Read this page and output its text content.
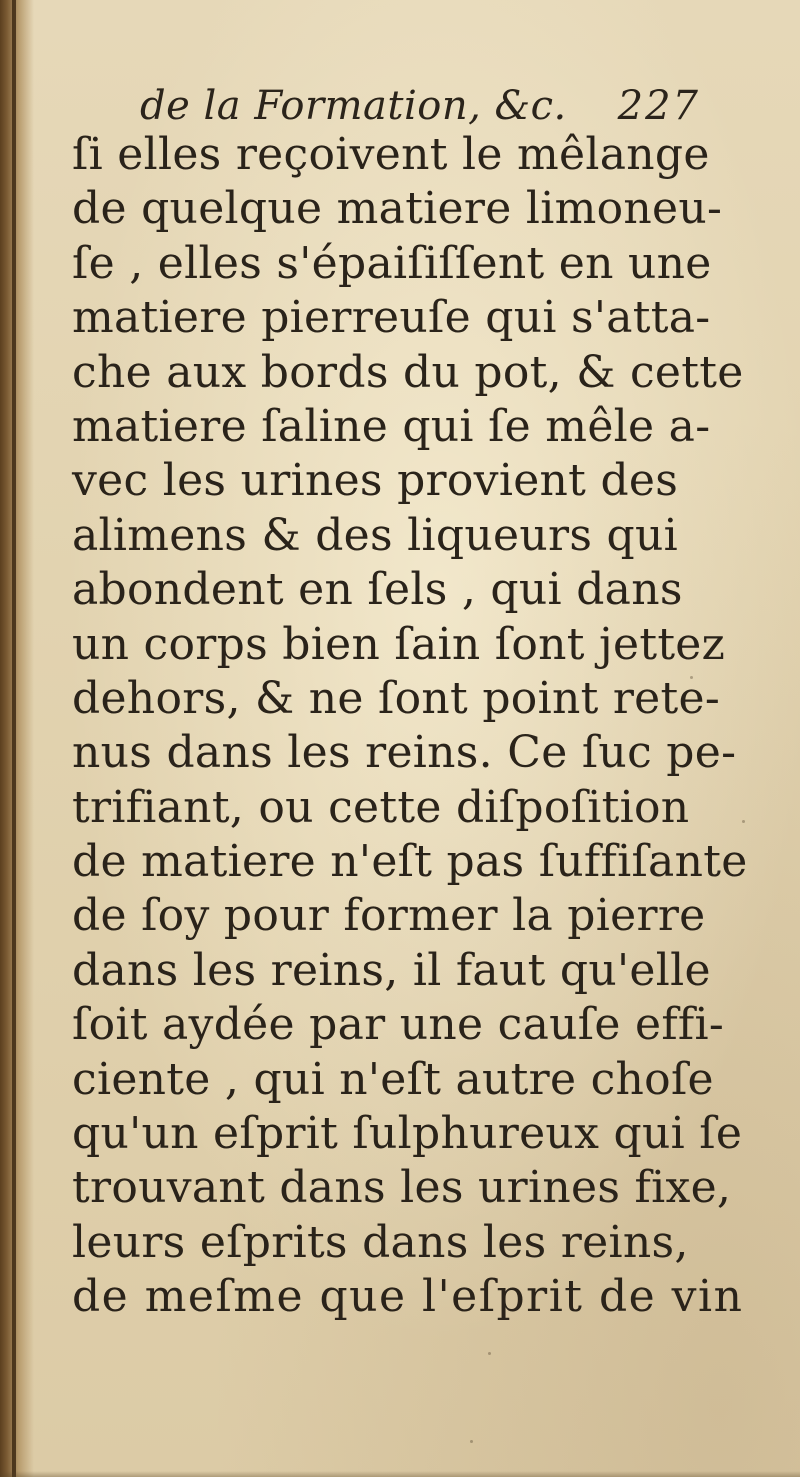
de la Formation, &c. 227
ſi elles reçoivent le mêlange
de quelque matiere limoneu-
ſe , elles s'épaiſiſſent en une
matiere pierreuſe qui s'atta-
che aux bords du pot, & cette
matiere ſaline qui ſe mêle a-
vec les urines provient des
alimens & des liqueurs qui
abondent en ſels , qui dans
un corps bien ſain ſont jettez
dehors, & ne ſont point rete-
nus dans les reins. Ce ſuc pe-
trifiant, ou cette diſpoſition
de matiere n'eſt pas ſuffiſante
de ſoy pour former la pierre
dans les reins, il faut qu'elle
ſoit aydée par une cauſe effi-
ciente , qui n'eſt autre choſe
qu'un eſprit ſulphureux qui ſe
trouvant dans les urines fixe,
leurs eſprits dans les reins,
de meſme que l'eſprit de vin
